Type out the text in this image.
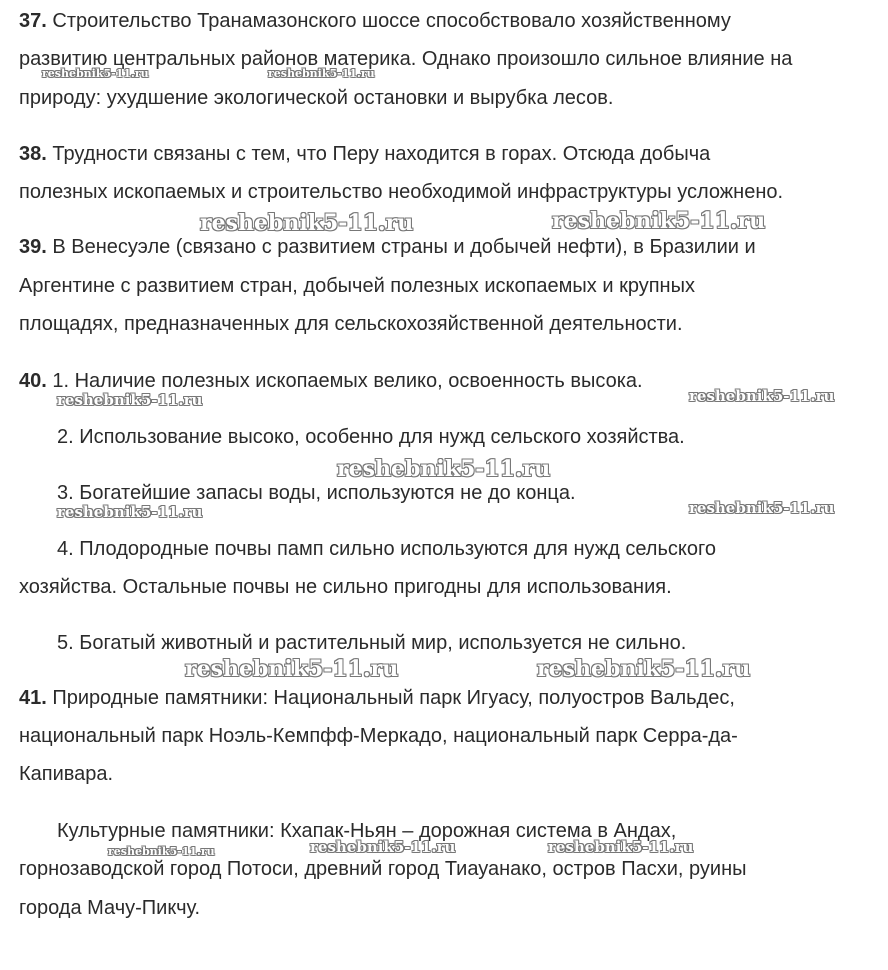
37. Строительство Транамазонского шоссе способствовало хозяйственному

развитию центральных районов материка. Однако произошло сильное влияние на

природу: ухудшение экологической остановки и вырубка лесов.

38. Трудности связаны с тем, что Перу находится в горах. Отсюда добыча

полезных ископаемых и строительство необходимой инфраструктуры усложнено.

39. В Венесуэле (связано с развитием страны и добычей нефти), в Бразилии и

Аргентине с развитием стран, добычей полезных ископаемых и крупных

площадях, предназначенных для сельскохозяйственной деятельности.

40. 1. Наличие полезных ископаемых велико, освоенность высока.

2. Использование высоко, особенно для нужд сельского хозяйства.

3. Богатейшие запасы воды, используются не до конца.

4. Плодородные почвы памп сильно используются для нужд сельского

хозяйства. Остальные почвы не сильно пригодны для использования.

5. Богатый животный и растительный мир, используется не сильно.

41. Природные памятники: Национальный парк Игуасу, полуостров Вальдес,

национальный парк Ноэль-Кемпфф-Меркадо, национальный парк Серра-да-

Капивара.

Культурные памятники: Кхапак-Ньян – дорожная система в Андах,

горнозаводской город Потоси, древний город Тиауанако, остров Пасхи, руины

города Мачу-Пикчу.

reshebnik5-11.ru	reshebnik5-11.ru
reshebnik5-11.ru	reshebnik5-11.ru
reshebnik5-11.ru	reshebnik5-11.ru
reshebnik5-11.ru
reshebnik5-11.ru	reshebnik5-11.ru
reshebnik5-11.ru	reshebnik5-11.ru
reshebnik5-11.ru	reshebnik5-11.ru	reshebnik5-11.ru
